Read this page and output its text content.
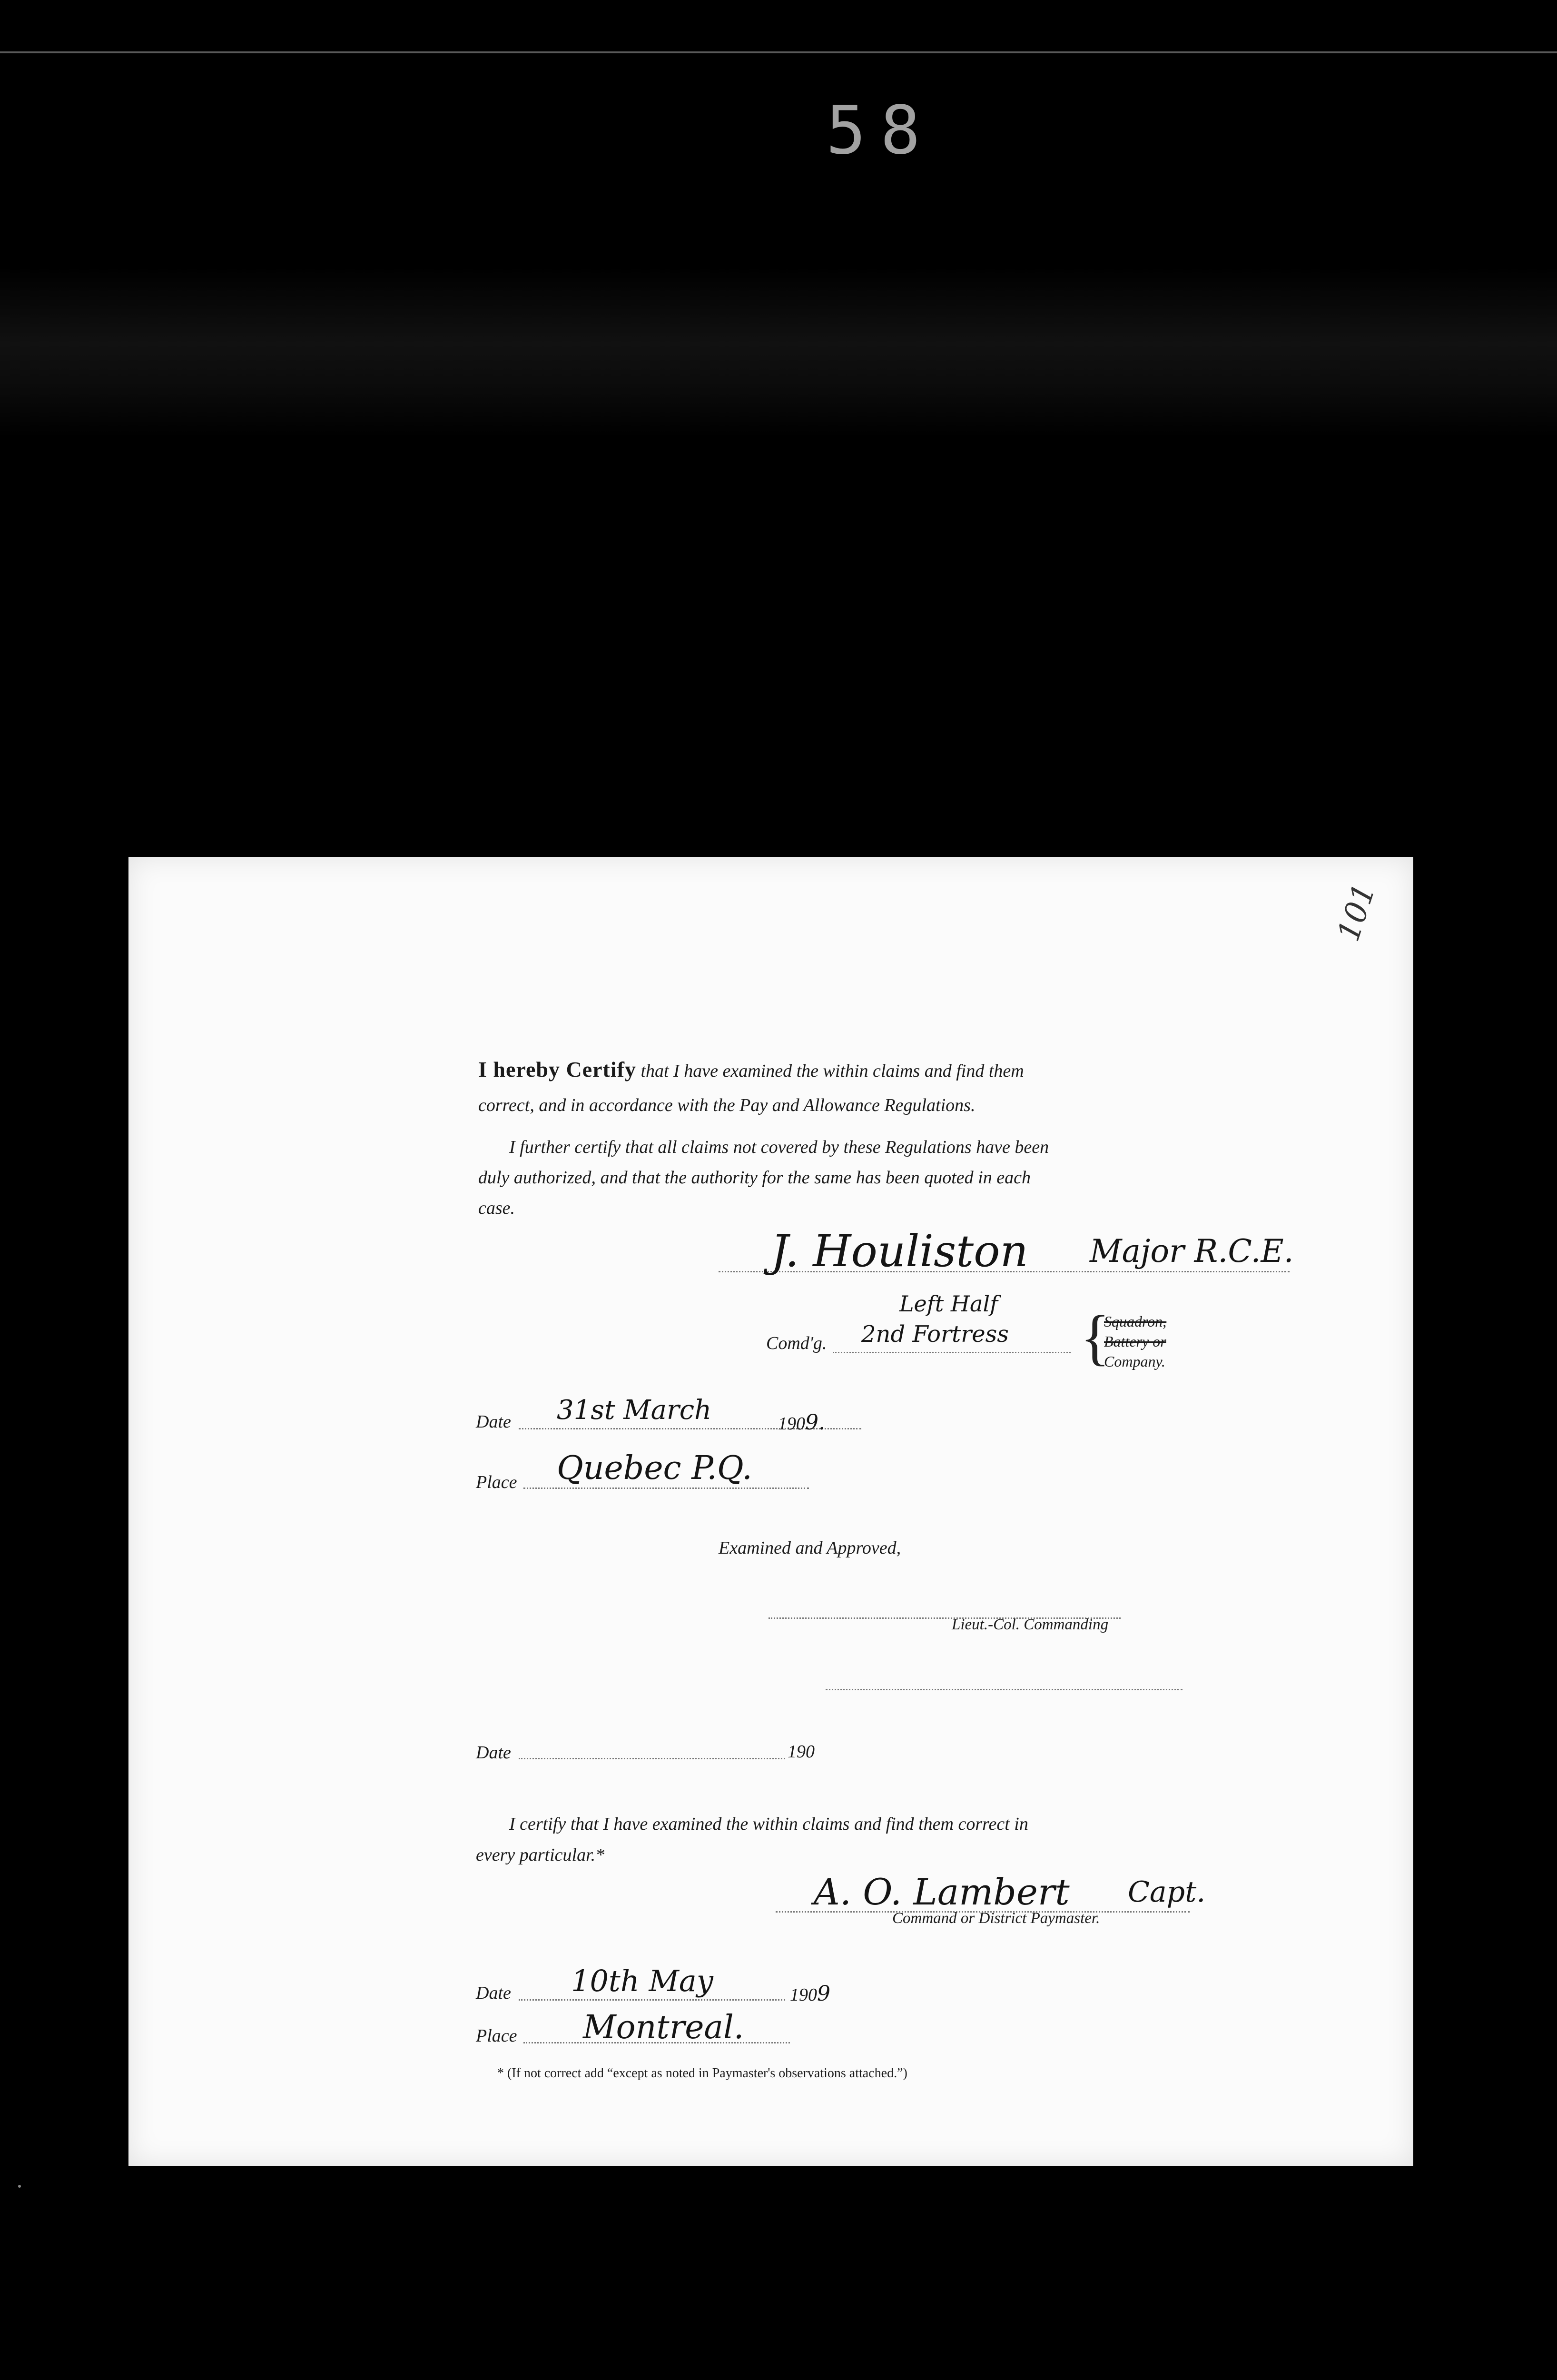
58
101
I hereby Certify that I have examined the within claims and find them
correct, and in accordance with the Pay and Allowance Regulations.
I further certify that all claims not covered by these Regulations have been
duly authorized, and that the authority for the same has been quoted in each
case.
J. Houliston Major R.C.E.
Comd'g.
Left Half
2nd Fortress {
Squadron,
Battery or
Company.
Date 31st March	1909.
Place Quebec P.Q.
Examined and Approved,
Lieut.-Col. Commanding
Date	190
I certify that I have examined the within claims and find them correct in
every particular.*
A. O. Lambert Capt.
Command or District Paymaster.
Date 10th May	1909
Place Montreal.
* (If not correct add “except as noted in Paymaster's observations attached.”)
